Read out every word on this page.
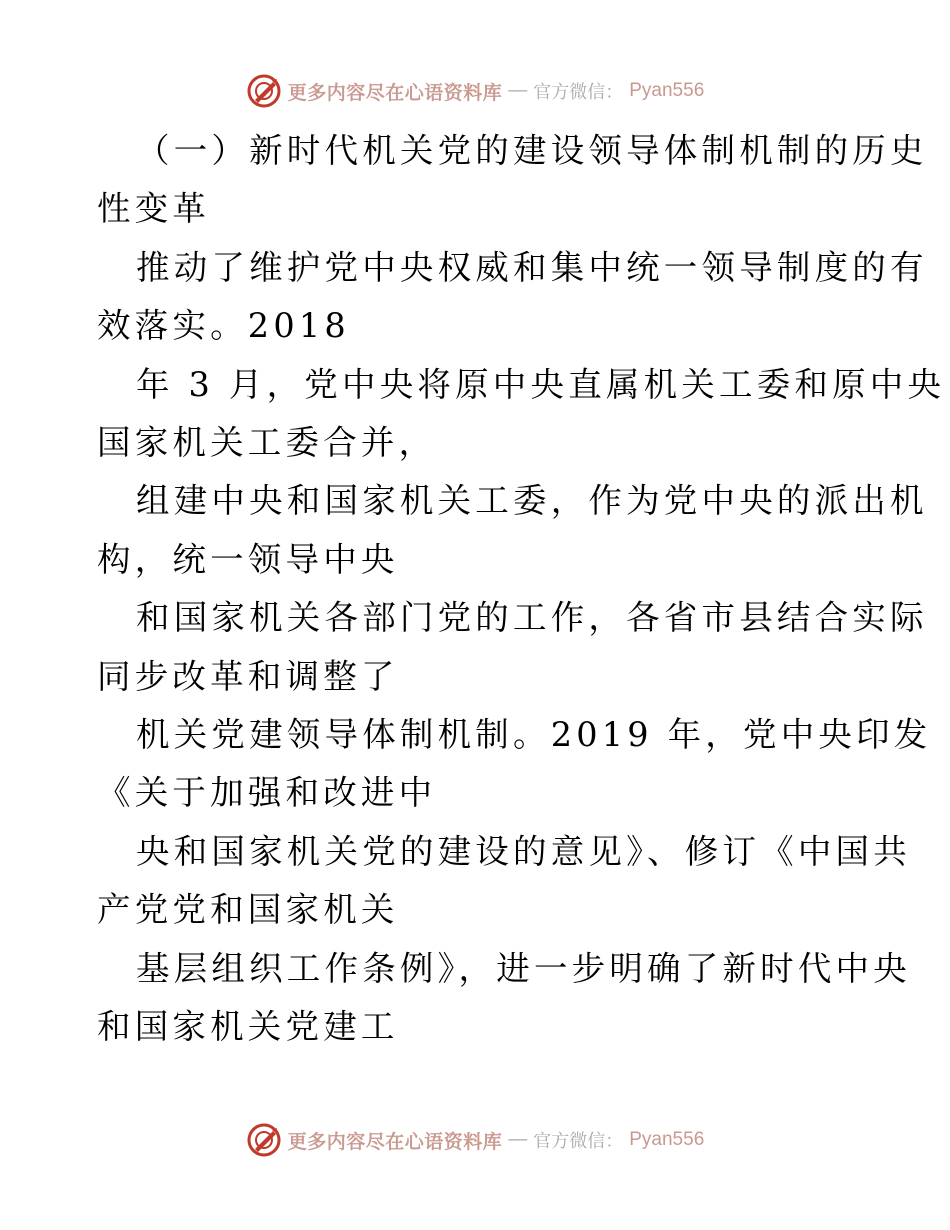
更多内容尽在心语资料库 — 官方微信： Pyan556

（一）新时代机关党的建设领导体制机制的历史
性变革

推动了维护党中央权威和集中统一领导制度的有
效落实。2018

年 3 月，党中央将原中央直属机关工委和原中央
国家机关工委合并，

组建中央和国家机关工委，作为党中央的派出机
构，统一领导中央

和国家机关各部门党的工作，各省市县结合实际
同步改革和调整了

机关党建领导体制机制。2019 年，党中央印发
《关于加强和改进中

央和国家机关党的建设的意见》、修订《中国共
产党党和国家机关

基层组织工作条例》，进一步明确了新时代中央
和国家机关党建工

更多内容尽在心语资料库 — 官方微信： Pyan556
